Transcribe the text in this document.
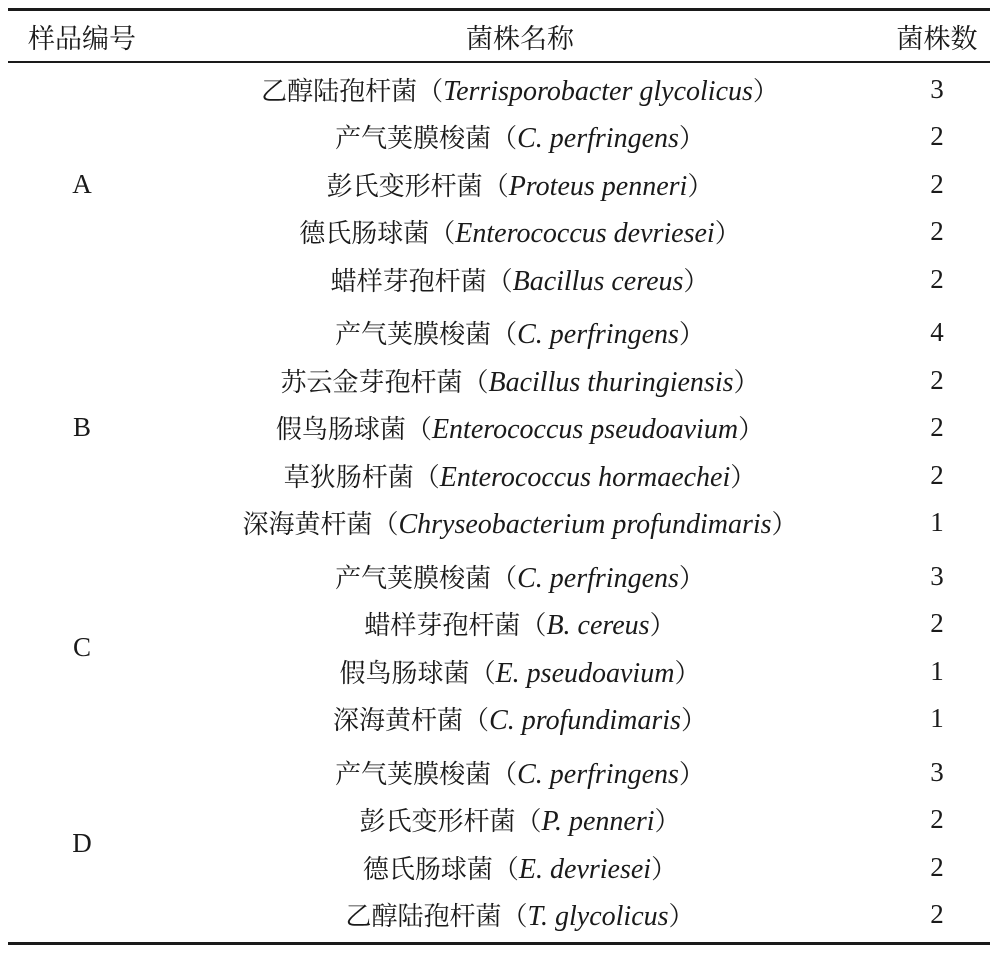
样品编号	菌株名称	菌株数
A
乙醇陆孢杆菌（Terrisporobacter glycolicus）	3
产气荚膜梭菌（C. perfringens）	2
彭氏变形杆菌（Proteus penneri）	2
德氏肠球菌（Enterococcus devriesei）	2
蜡样芽孢杆菌（Bacillus cereus）	2
B
产气荚膜梭菌（C. perfringens）	4
苏云金芽孢杆菌（Bacillus thuringiensis）	2
假鸟肠球菌（Enterococcus pseudoavium）	2
草狄肠杆菌（Enterococcus hormaechei）	2
深海黄杆菌（Chryseobacterium profundimaris）	1
C
产气荚膜梭菌（C. perfringens）	3
蜡样芽孢杆菌（B. cereus）	2
假鸟肠球菌（E. pseudoavium）	1
深海黄杆菌（C. profundimaris）	1
D
产气荚膜梭菌（C. perfringens）	3
彭氏变形杆菌（P. penneri）	2
德氏肠球菌（E. devriesei）	2
乙醇陆孢杆菌（T. glycolicus）	2
